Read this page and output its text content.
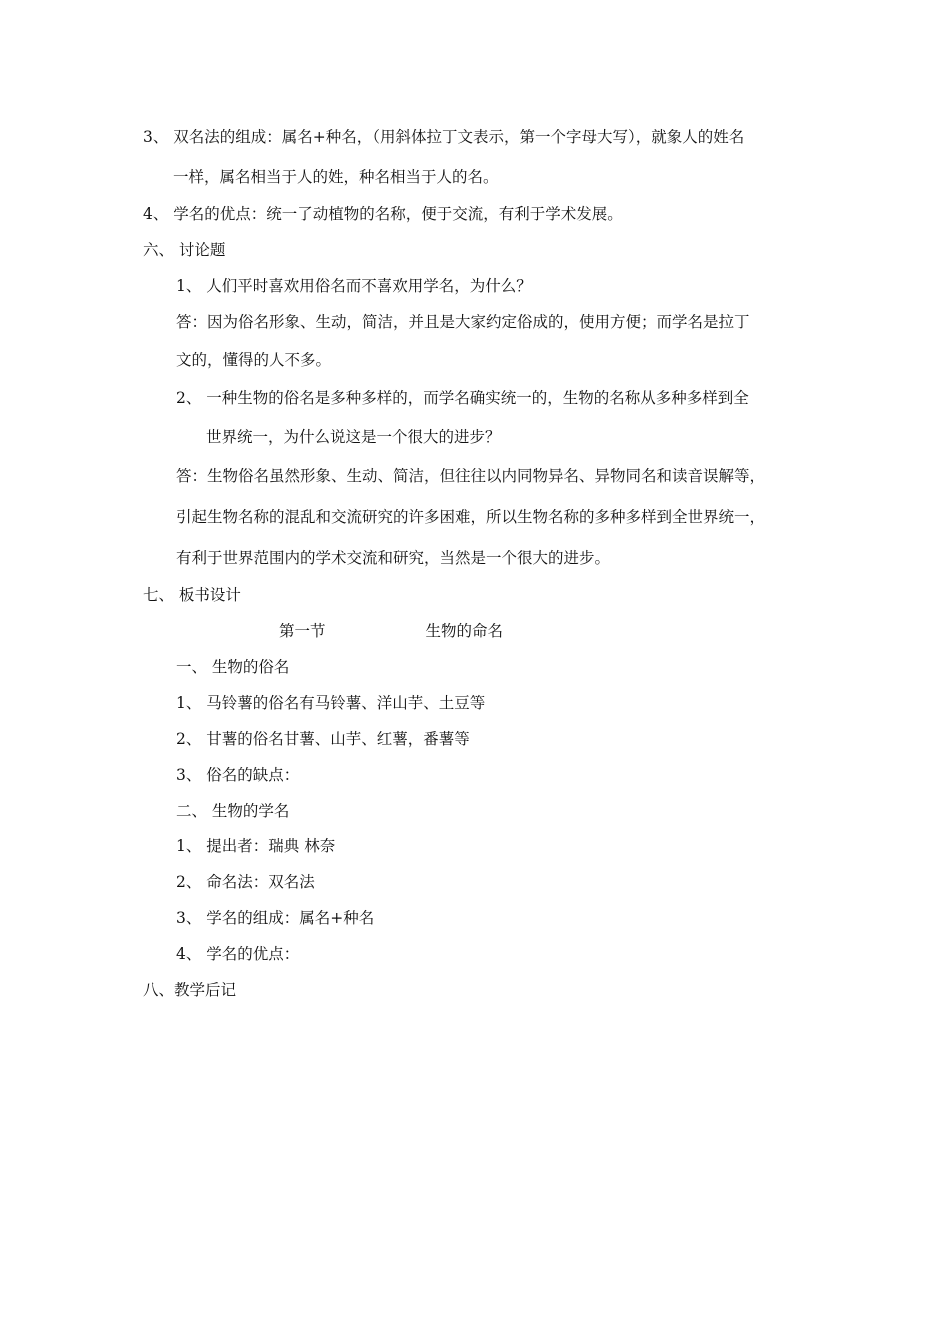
3、 双名法的组成：属名+种名，（用斜体拉丁文表示，第一个字母大写），就象人的姓名
一样，属名相当于人的姓，种名相当于人的名。
4、 学名的优点：统一了动植物的名称，便于交流，有利于学术发展。
六、 讨论题
1、 人们平时喜欢用俗名而不喜欢用学名，为什么？
答：因为俗名形象、生动，简洁，并且是大家约定俗成的，使用方便；而学名是拉丁
文的，懂得的人不多。
2、 一种生物的俗名是多种多样的，而学名确实统一的，生物的名称从多种多样到全
世界统一，为什么说这是一个很大的进步？
答：生物俗名虽然形象、生动、简洁，但往往以内同物异名、异物同名和读音误解等，
引起生物名称的混乱和交流研究的许多困难，所以生物名称的多种多样到全世界统一，
有利于世界范围内的学术交流和研究，当然是一个很大的进步。
七、 板书设计
第一节	生物的命名
一、 生物的俗名
1、 马铃薯的俗名有马铃薯、洋山芋、土豆等
2、 甘薯的俗名甘薯、山芋、红薯，番薯等
3、 俗名的缺点：
二、 生物的学名
1、 提出者：瑞典 林奈
2、 命名法：双名法
3、 学名的组成：属名+种名
4、 学名的优点：
八、教学后记
